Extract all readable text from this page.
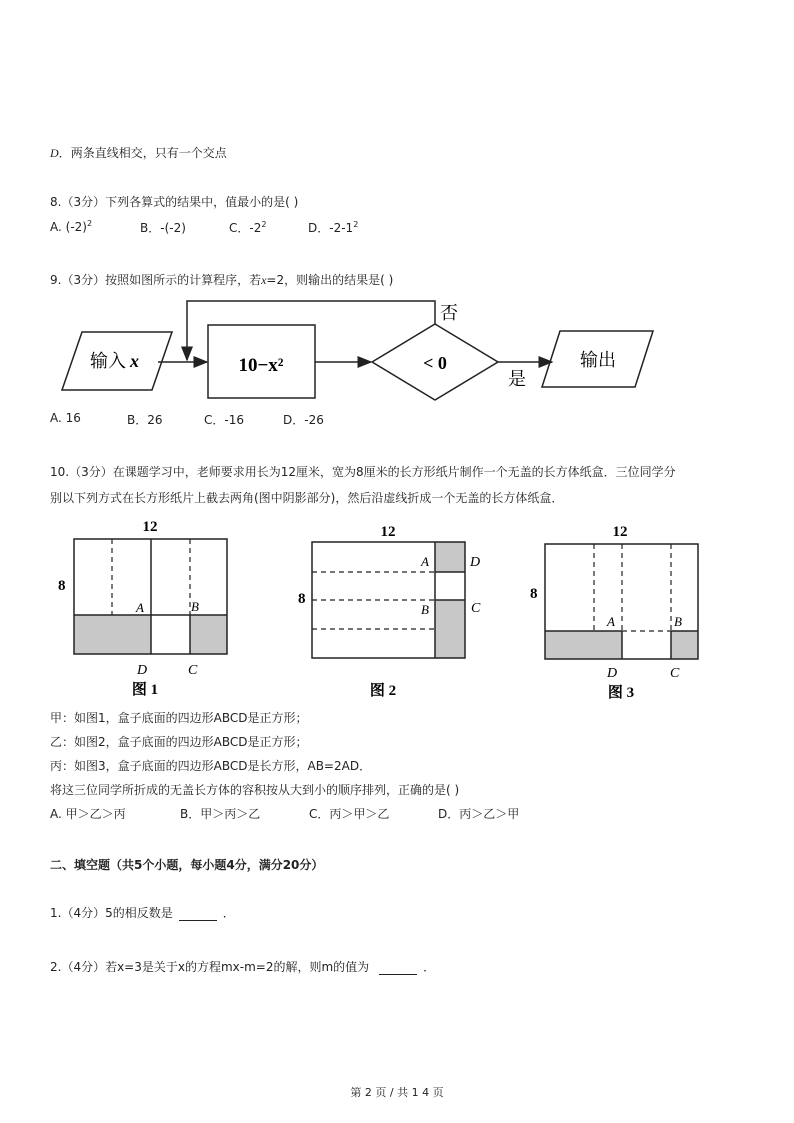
D．两条直线相交，只有一个交点
8.（3分）下列各算式的结果中，值最小的是( )
A. $(-2)^2$	B．-(-2)	C．$-2^2$	D．$-2-1^2$
9.（3分）按照如图所示的计算程序，若x=2，则输出的结果是( )
输入 x	10−x²	< 0
否
是
输出
A. 16	B．26	C．-16	D．-26
10.（3分）在课题学习中，老师要求用长为12厘米，宽为8厘米的长方形纸片制作一个无盖的长方体纸盒．三位同学分
别以下列方式在长方形纸片上截去两角(图中阴影部分)，然后沿虚线折成一个无盖的长方体纸盒．
12
8
A	B
C
D
图 1
12
8
A
B	C
D
图 2
12
8
A	B
C
D
图 3
甲：如图1，盒子底面的四边形ABCD是正方形；
乙：如图2，盒子底面的四边形ABCD是正方形；
丙：如图3，盒子底面的四边形ABCD是长方形，AB=2AD．
将这三位同学所折成的无盖长方体的容积按从大到小的顺序排列，正确的是( )
A. 甲＞乙＞丙	B．甲＞丙＞乙	C．丙＞甲＞乙	D．丙＞乙＞甲
二、填空题（共5个小题，每小题4分，满分20分）
1.（4分）5的相反数是	．
2.（4分）若x=3是关于x的方程mx-m=2的解，则m的值为	．
第 2 页 / 共 1 4 页
